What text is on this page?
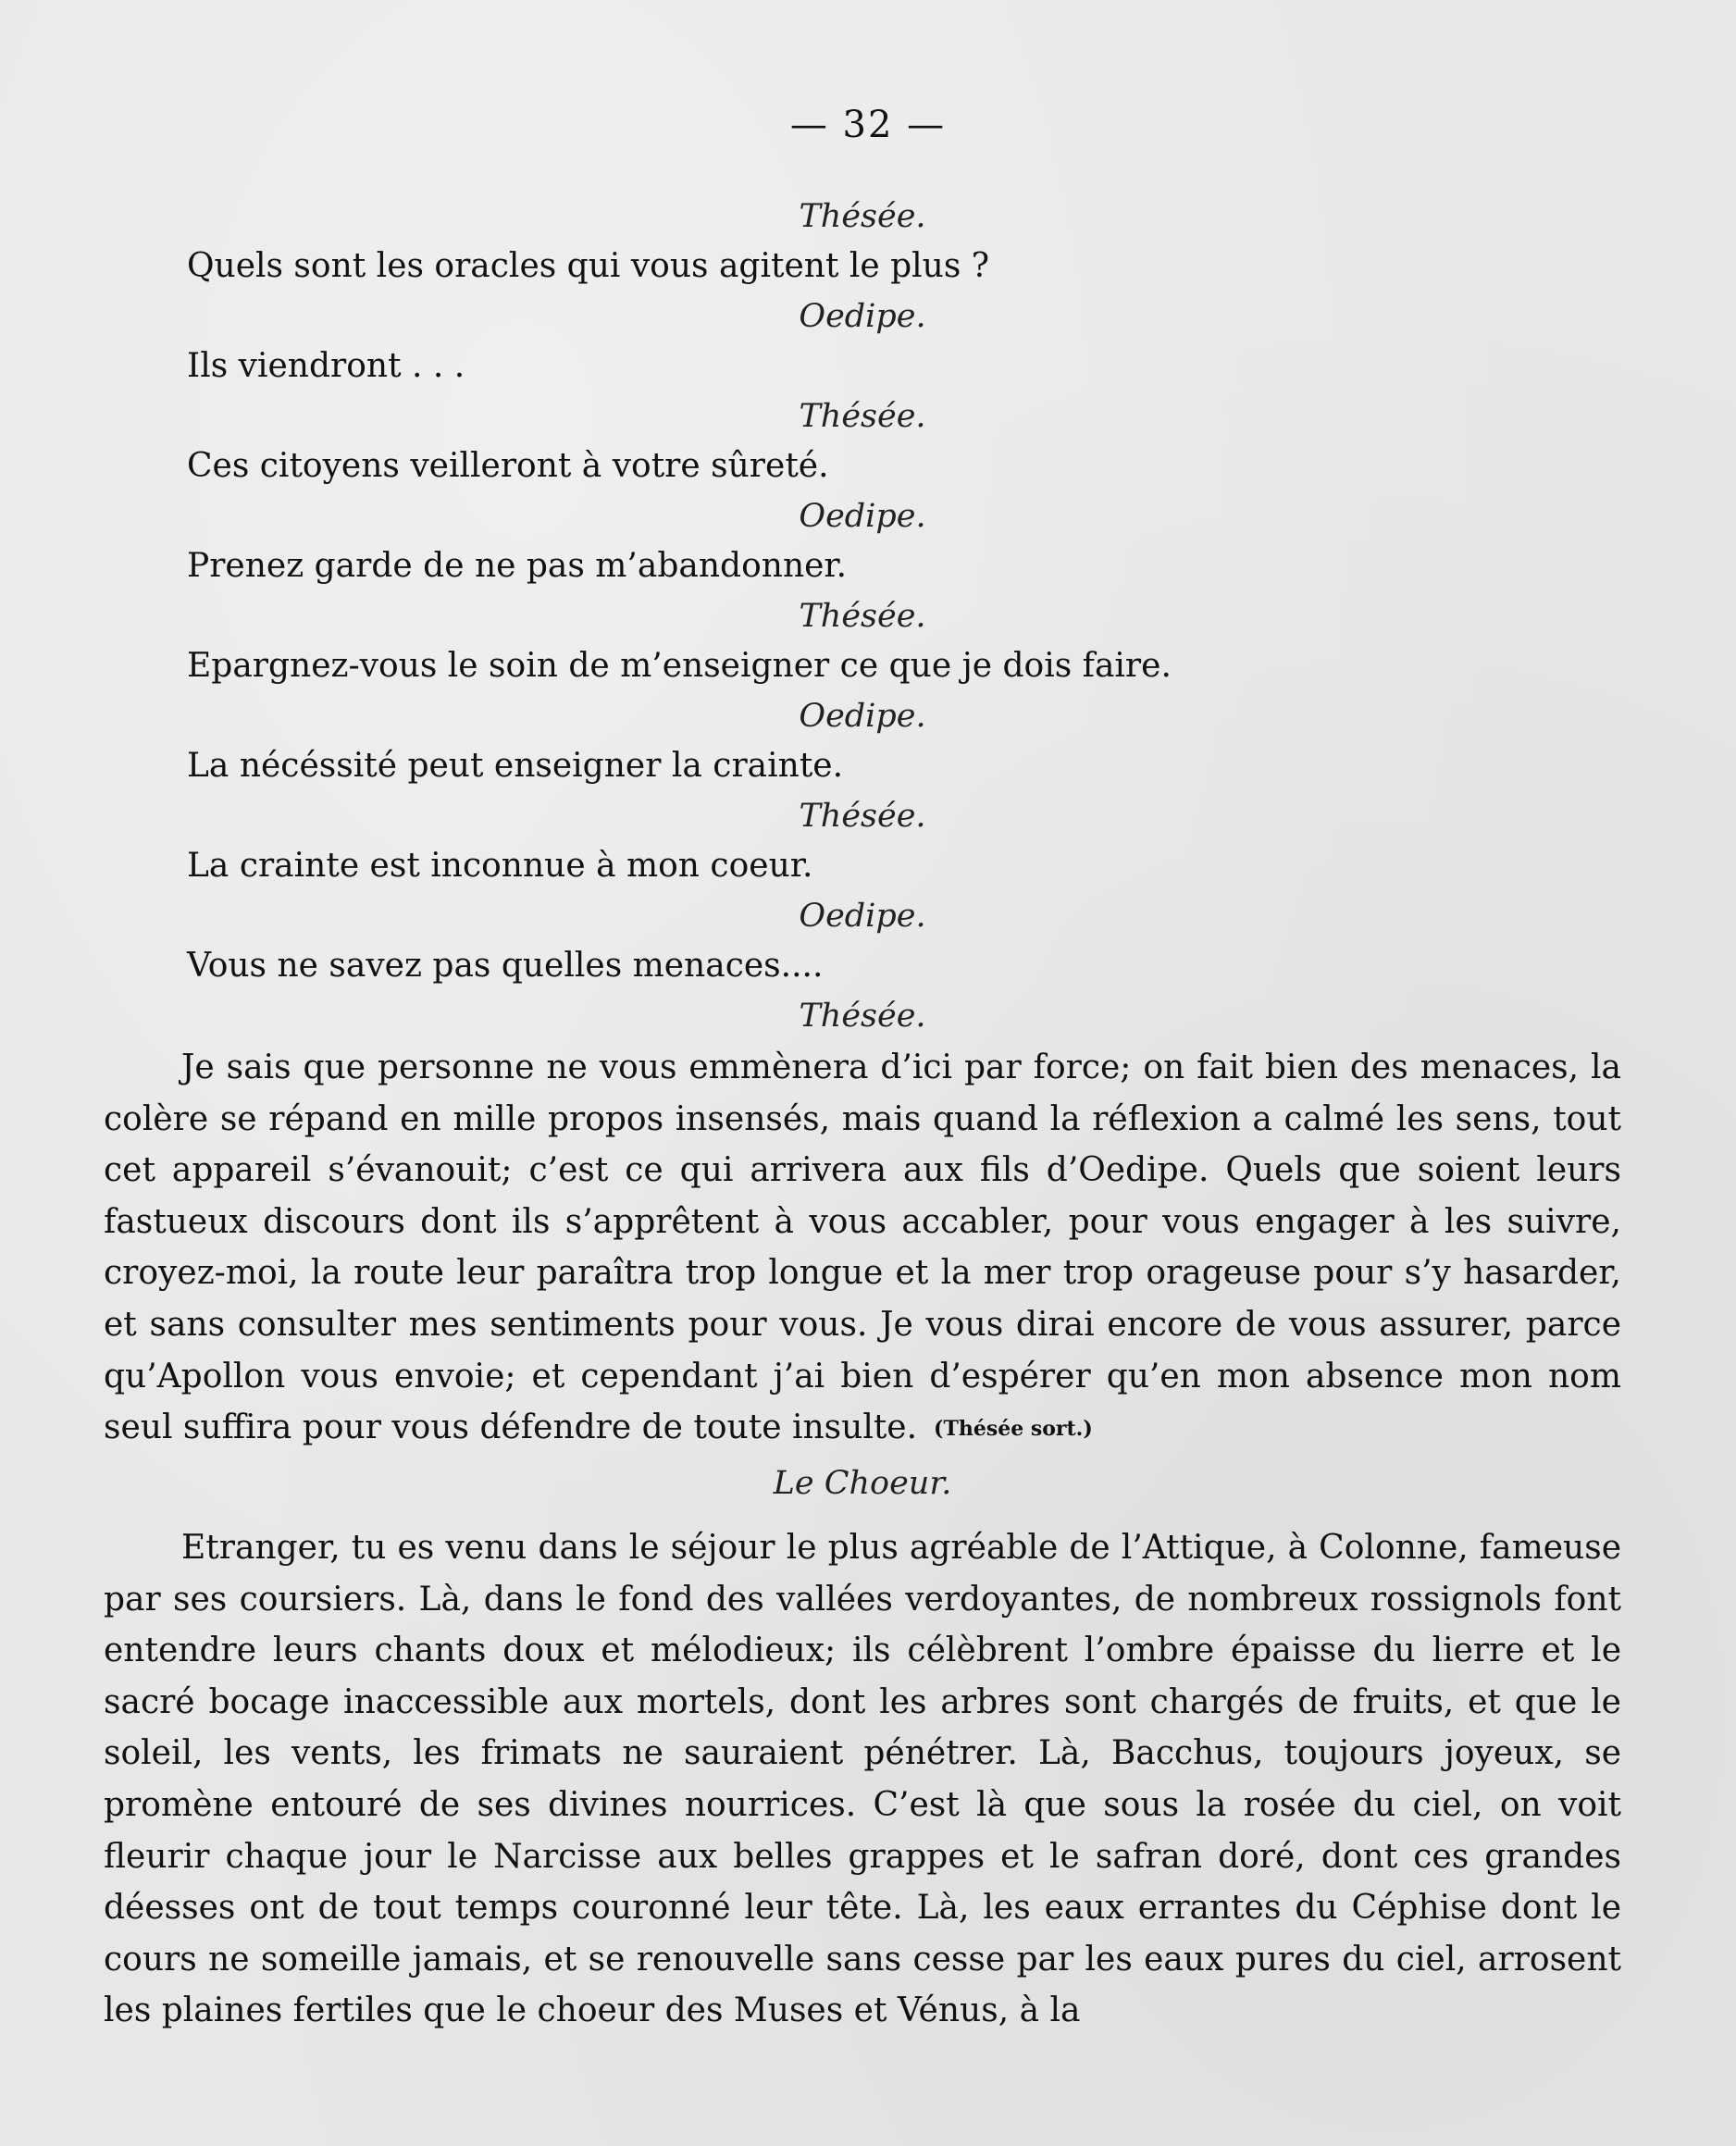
— 32 —
Thésée.
Quels sont les oracles qui vous agitent le plus ?
Oedipe.
Ils viendront . . .
Thésée.
Ces citoyens veilleront à votre sûreté.
Oedipe.
Prenez garde de ne pas m’abandonner.
Thésée.
Epargnez-vous le soin de m’enseigner ce que je dois faire.
Oedipe.
La nécéssité peut enseigner la crainte.
Thésée.
La crainte est inconnue à mon coeur.
Oedipe.
Vous ne savez pas quelles menaces....
Thésée.
Je sais que personne ne vous emmènera d’ici par force; on fait bien des menaces, la colère se répand en mille propos insensés, mais quand la réflexion a calmé les sens, tout cet appareil s’évanouit; c’est ce qui arrivera aux fils d’Oedipe. Quels que soient leurs fastueux discours dont ils s’apprêtent à vous accabler, pour vous engager à les suivre, croyez-moi, la route leur paraîtra trop longue et la mer trop orageuse pour s’y hasarder, et sans consulter mes sentiments pour vous. Je vous dirai encore de vous assurer, parce qu’Apollon vous envoie; et cependant j’ai bien d’espérer qu’en mon absence mon nom seul suffira pour vous défendre de toute insulte. (Thésée sort.)
Le Choeur.
Etranger, tu es venu dans le séjour le plus agréable de l’Attique, à Colonne, fameuse par ses coursiers. Là, dans le fond des vallées verdoyantes, de nombreux rossignols font entendre leurs chants doux et mélodieux; ils célèbrent l’ombre épaisse du lierre et le sacré bocage inaccessible aux mortels, dont les arbres sont chargés de fruits, et que le soleil, les vents, les frimats ne sauraient pénétrer. Là, Bacchus, toujours joyeux, se promène entouré de ses divines nourrices. C’est là que sous la rosée du ciel, on voit fleurir chaque jour le Narcisse aux belles grappes et le safran doré, dont ces grandes déesses ont de tout temps couronné leur tête. Là, les eaux errantes du Céphise dont le cours ne someille jamais, et se renouvelle sans cesse par les eaux pures du ciel, arrosent les plaines fertiles que le choeur des Muses et Vénus, à la
